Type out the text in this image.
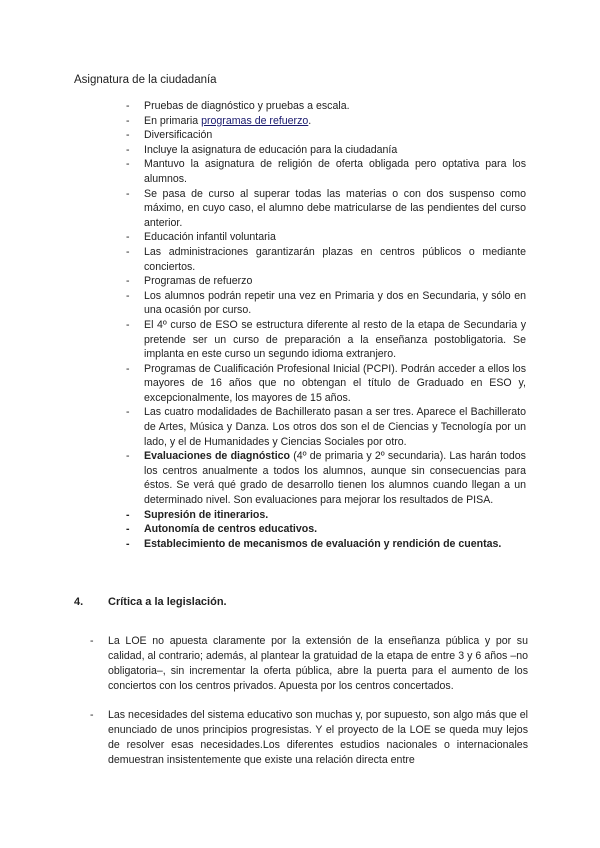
Asignatura de la ciudadanía
- Pruebas de diagnóstico y pruebas a escala.
- En primaria programas de refuerzo.
- Diversificación
- Incluye la asignatura de educación para la ciudadanía
- Mantuvo la asignatura de religión de oferta obligada pero optativa para los alumnos.
- Se pasa de curso al superar todas las materias o con dos suspenso como máximo, en cuyo caso, el alumno debe matricularse de las pendientes del curso anterior.
- Educación infantil voluntaria
- Las administraciones garantizarán plazas en centros públicos o mediante conciertos.
- Programas de refuerzo
- Los alumnos podrán repetir una vez en Primaria y dos en Secundaria, y sólo en una ocasión por curso.
- El 4º curso de ESO se estructura diferente al resto de la etapa de Secundaria y pretende ser un curso de preparación a la enseñanza postobligatoria. Se implanta en este curso un segundo idioma extranjero.
- Programas de Cualificación Profesional Inicial (PCPI). Podrán acceder a ellos los mayores de 16 años que no obtengan el título de Graduado en ESO y, excepcionalmente, los mayores de 15 años.
- Las cuatro modalidades de Bachillerato pasan a ser tres. Aparece el Bachillerato de Artes, Música y Danza. Los otros dos son el de Ciencias y Tecnología por un lado, y el de Humanidades y Ciencias Sociales por otro.
- Evaluaciones de diagnóstico (4º de primaria y 2º secundaria). Las harán todos los centros anualmente a todos los alumnos, aunque sin consecuencias para éstos. Se verá qué grado de desarrollo tienen los alumnos cuando llegan a un determinado nivel. Son evaluaciones para mejorar los resultados de PISA.
- Supresión de itinerarios.
- Autonomía de centros educativos.
- Establecimiento de mecanismos de evaluación y rendición de cuentas.
4. Crítica a la legislación.
- La LOE no apuesta claramente por la extensión de la enseñanza pública y por su calidad, al contrario; además, al plantear la gratuidad de la etapa de entre 3 y 6 años –no obligatoria–, sin incrementar la oferta pública, abre la puerta para el aumento de los conciertos con los centros privados. Apuesta por los centros concertados.
- Las necesidades del sistema educativo son muchas y, por supuesto, son algo más que el enunciado de unos principios progresistas. Y el proyecto de la LOE se queda muy lejos de resolver esas necesidades.Los diferentes estudios nacionales o internacionales demuestran insistentemente que existe una relación directa entre
